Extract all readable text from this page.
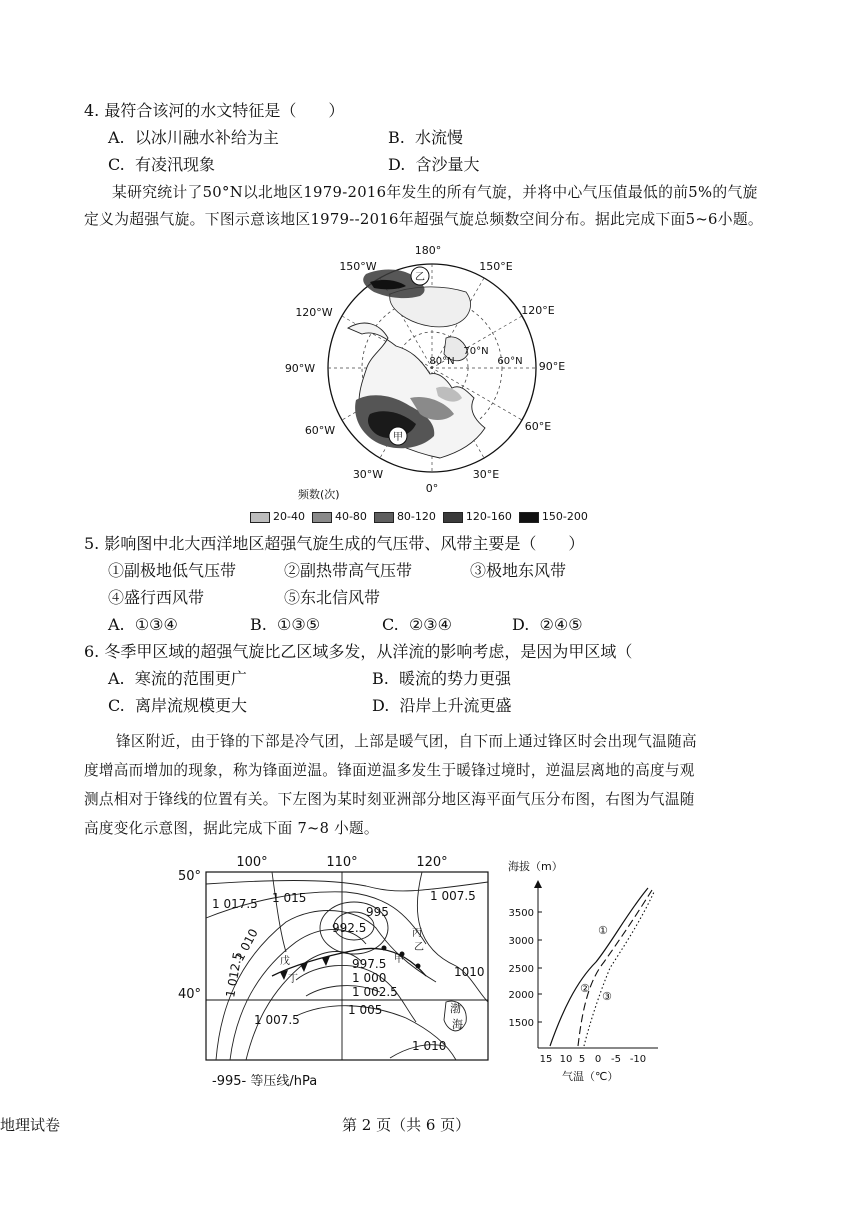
4. 最符合该河的水文特征是（　　）
A. 以冰川融水补给为主	B. 水流慢
C. 有凌汛现象	D. 含沙量大
某研究统计了50°N以北地区1979-2016年发生的所有气旋，并将中心气压值最低的前5%的气旋
定义为超强气旋。下图示意该地区1979--2016年超强气旋总频数空间分布。据此完成下面5~6小题。
甲
乙
180°
150°W	150°E
120°W	120°E
90°W	90°E
60°W	60°E
30°W	30°E
0°
70°N
80°N	60°N
频数(次)
20-40	40-80	80-120	120-160	150-200
5. 影响图中北大西洋地区超强气旋生成的气压带、风带主要是（　　）
①副极地低气压带	②副热带高气压带	③极地东风带
④盛行西风带	⑤东北信风带
A. ①③④	B. ①③⑤	C. ②③④	D. ②④⑤
6. 冬季甲区域的超强气旋比乙区域多发，从洋流的影响考虑，是因为甲区域（
A. 寒流的范围更广	B. 暖流的势力更强
C. 离岸流规模更大	D. 沿岸上升流更盛
锋区附近，由于锋的下部是冷气团，上部是暖气团，自下而上通过锋区时会出现气温随高
度增高而增加的现象，称为锋面逆温。锋面逆温多发生于暖锋过境时，逆温层离地的高度与观
测点相对于锋线的位置有关。下左图为某时刻亚洲部分地区海平面气压分布图，右图为气温随
高度变化示意图，据此完成下面 7~8 小题。
100°	110°	120°
50°
40°
1 017.5 1 015
1 010
1 012.5
1 007.5
995
992.5
997.5
1 000
1 002.5
1 005
1 007.5
1010
1 010
丙
乙
甲
戊
丁
渤
海
-995- 等压线/hPa
海拔（m）
3500
3000
2500
2000
1500
15 10 5 0 -5 -10
气温（℃）
①
②
③
地理试卷	第 2 页（共 6 页）
